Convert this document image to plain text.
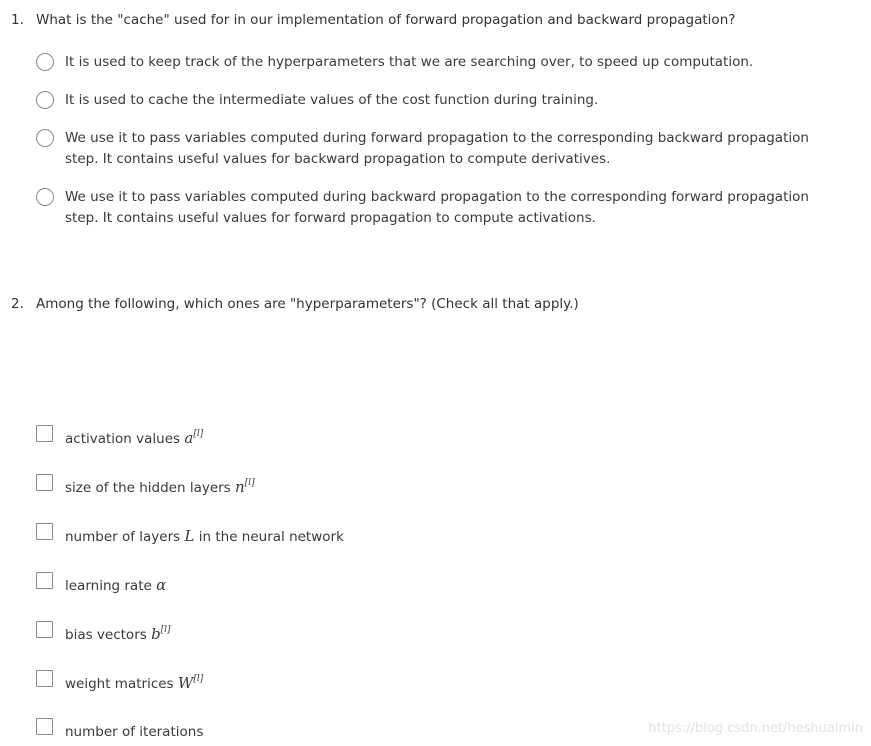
1. What is the "cache" used for in our implementation of forward propagation and backward propagation?
It is used to keep track of the hyperparameters that we are searching over, to speed up computation.
It is used to cache the intermediate values of the cost function during training.
We use it to pass variables computed during forward propagation to the corresponding backward propagation step. It contains useful values for backward propagation to compute derivatives.
We use it to pass variables computed during backward propagation to the corresponding forward propagation step. It contains useful values for forward propagation to compute activations.
2. Among the following, which ones are "hyperparameters"? (Check all that apply.)
activation values a[l]
size of the hidden layers n[l]
number of layers L in the neural network
learning rate α
bias vectors b[l]
weight matrices W[l]
number of iterations	https://blog.csdn.net/heshuaimin
